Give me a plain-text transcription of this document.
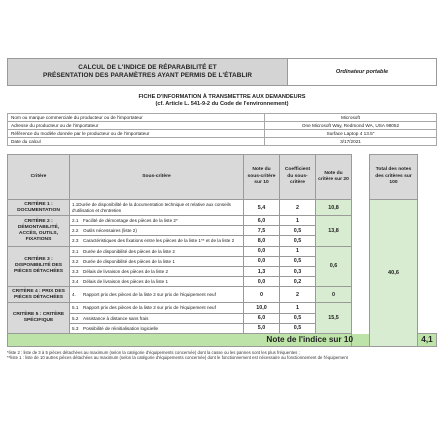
CALCUL DE L'INDICE DE RÉPARABILITÉ ET
PRÉSENTATION DES PARAMÈTRES AYANT PERMIS DE L'ÉTABLIR	Ordinateur portable
FICHE D'INFORMATION À TRANSMETTRE AUX DEMANDEURS
(cf. Article L. 541-9-2 du Code de l'environnement)
Nom ou marque commerciale du producteur ou de l'importateur	Microsoft
Adresse du producteur ou de l'importateur	One Microsoft Way, Redmond WA, USA 98052
Référence du modèle donnée par le producteur ou de l'importateur	Surface Laptop 4 13.5"
Date du calcul	3/17/2021
Critère	Sous-critère	Note du sous-critère sur 10	Coefficient du sous-critère	Note du critère sur 20		Total des notes des critères sur 100	
CRITÈRE 1 : DOCUMENTATION	1.1Durée de disponibilité de la documentation technique et relative aux conseils d'utilisation et d'entretien	5,4	2	10,8		40,6	
CRITÈRE 2 : DÉMONTABILITÉ, ACCÈS, OUTILS, FIXATIONS	2.1 Facilité de démontage des pièces de la liste 2*	6,0	1	13,8			
	2.2 Outils nécessaires (liste 2)	7,5	0,5				
	2.3 Caractéristiques des fixations entre les pièces de la liste 1** et de la liste 2	8,0	0,5				
CRITÈRE 3 : DISPONIBILITÉ DES PIÈCES DÉTACHÉES	3.1 Durée de disponibilité des pièces de la liste 2	0,0	1	0,6			
	3.2 Durée de disponibilité des pièces de la liste 1	0,0	0,5				
	3.3 Délais de livraison des pièces de la liste 2	1,3	0,3				
	3.4 Délais de livraison des pièces de la liste 1	0,0	0,2				
CRITÈRE 4 : PRIX DES PIÈCES DÉTACHÉES	4. Rapport prix des pièces de la liste 2 sur prix de l'équipement neuf	0	2	0			
CRITÈRE 5 : CRITÈRE SPÉCIFIQUE	5.1 Rapport prix des pièces de la liste 2 sur prix de l'équipement neuf	10,0	1	15,5			
	5.2 Assistance à distance sans frais	6,0	0,5				
	5.3 Possibilité de réinitialisation logicielle	5,0	0,5				
Note de l'indice sur 10							4,1
*liste 2 : liste de 3 à 5 pièces détachées au maximum (selon la catégorie d'équipements concernée) dont la casse ou les pannes sont les plus fréquentes ;
**liste 1 : liste de 10 autres pièces détachées au maximum (selon la catégorie d'équipements concernée) dont le fonctionnement est nécessaire au fonctionnement de l'équipement
